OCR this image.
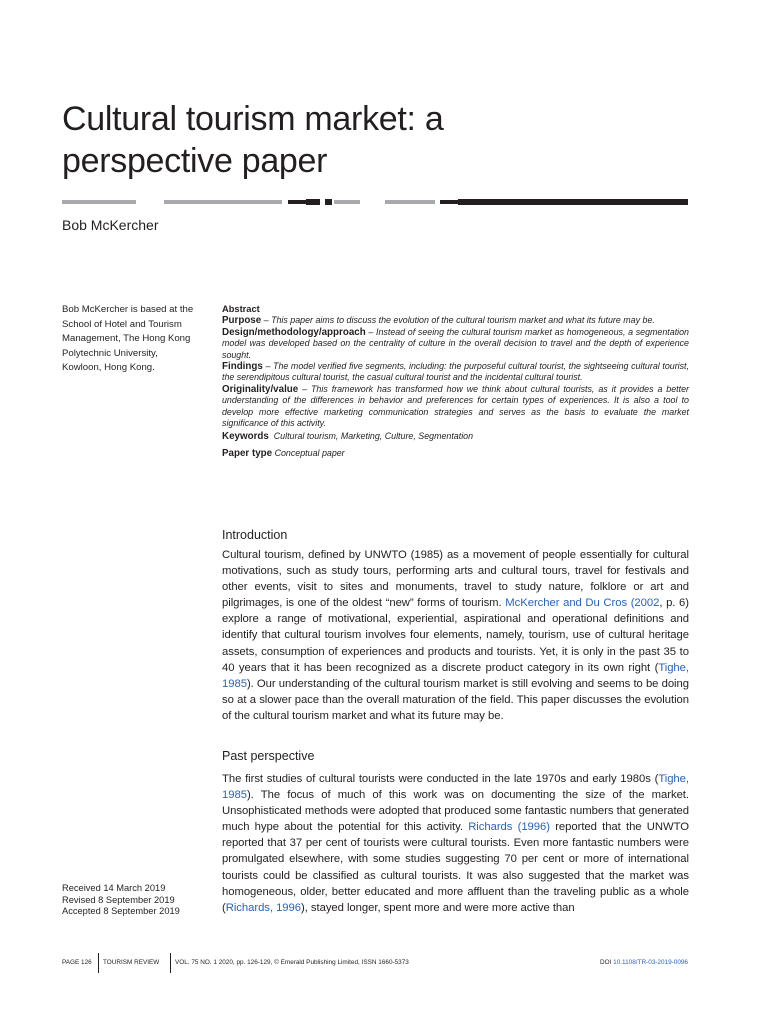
Cultural tourism market: a
perspective paper

Bob McKercher

Bob McKercher is based at the School of Hotel and Tourism Management, The Hong Kong Polytechnic University, Kowloon, Hong Kong.

Received 14 March 2019
Revised 8 September 2019
Accepted 8 September 2019

Abstract

Purpose – This paper aims to discuss the evolution of the cultural tourism market and what its future may be.

Design/methodology/approach – Instead of seeing the cultural tourism market as homogeneous, a segmentation model was developed based on the centrality of culture in the overall decision to travel and the depth of experience sought.

Findings – The model verified five segments, including: the purposeful cultural tourist, the sightseeing cultural tourist, the serendipitous cultural tourist, the casual cultural tourist and the incidental cultural tourist.

Originality/value – This framework has transformed how we think about cultural tourists, as it provides a better understanding of the differences in behavior and preferences for certain types of experiences. It is also a tool to develop more effective marketing communication strategies and serves as the basis to evaluate the market significance of this activity.

Keywords Cultural tourism, Marketing, Culture, Segmentation

Paper type Conceptual paper

Introduction

Cultural tourism, defined by UNWTO (1985) as a movement of people essentially for cultural motivations, such as study tours, performing arts and cultural tours, travel for festivals and other events, visit to sites and monuments, travel to study nature, folklore or art and pilgrimages, is one of the oldest “new” forms of tourism. McKercher and Du Cros (2002, p. 6) explore a range of motivational, experiential, aspirational and operational definitions and identify that cultural tourism involves four elements, namely, tourism, use of cultural heritage assets, consumption of experiences and products and tourists. Yet, it is only in the past 35 to 40 years that it has been recognized as a discrete product category in its own right (Tighe, 1985). Our understanding of the cultural tourism market is still evolving and seems to be doing so at a slower pace than the overall maturation of the field. This paper discusses the evolution of the cultural tourism market and what its future may be.

Past perspective

The first studies of cultural tourists were conducted in the late 1970s and early 1980s (Tighe, 1985). The focus of much of this work was on documenting the size of the market. Unsophisticated methods were adopted that produced some fantastic numbers that generated much hype about the potential for this activity. Richards (1996) reported that the UNWTO reported that 37 per cent of tourists were cultural tourists. Even more fantastic numbers were promulgated elsewhere, with some studies suggesting 70 per cent or more of international tourists could be classified as cultural tourists. It was also suggested that the market was homogeneous, older, better educated and more affluent than the traveling public as a whole (Richards, 1996), stayed longer, spent more and were more active than

PAGE 126 TOURISM REVIEW VOL. 75 NO. 1 2020, pp. 126-129, © Emerald Publishing Limited, ISSN 1660-5373	DOI 10.1108/TR-03-2019-0096
